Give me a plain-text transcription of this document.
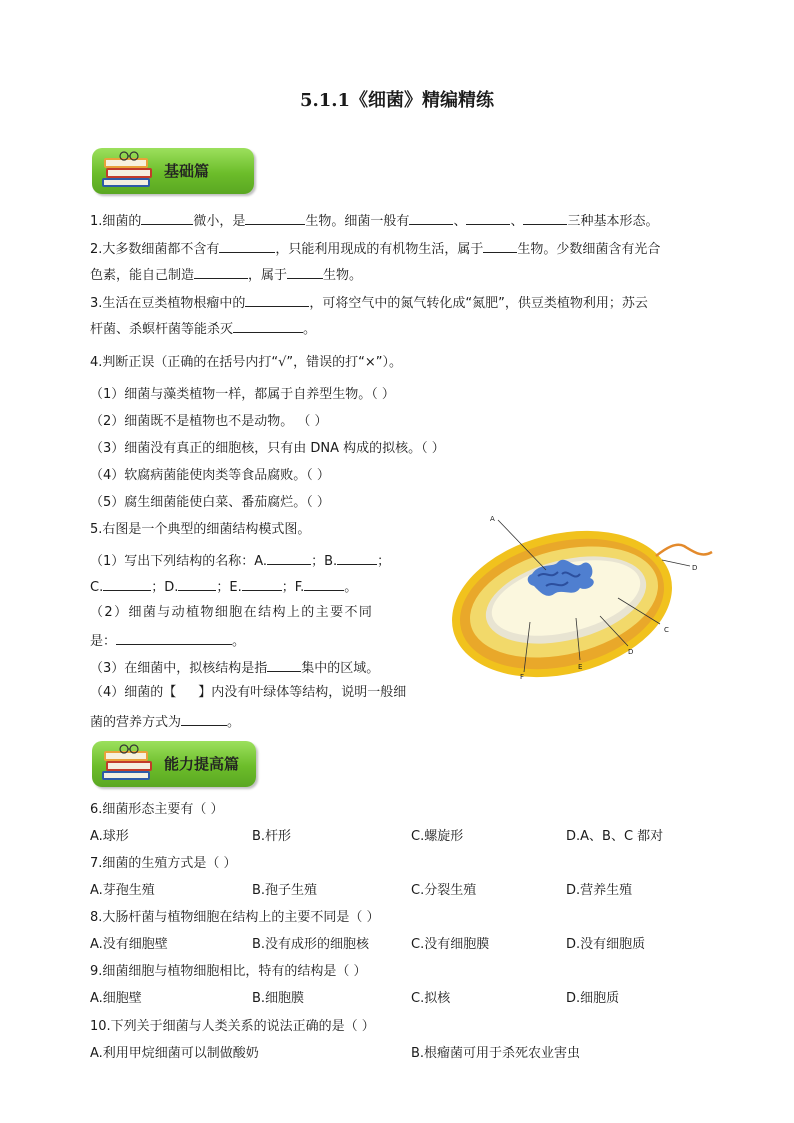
5.1.1《细菌》精编精练
基础篇
1.细菌的	微小，是	生物。细菌一般有	、	、	三种基本形态。
2.大多数细菌都不含有	，只能利用现成的有机物生活，属于	生物。少数细菌含有光合
色素，能自己制造	，属于	生物。
3.生活在豆类植物根瘤中的	，可将空气中的氮气转化成“氮肥”，供豆类植物利用；苏云
杆菌、杀螟杆菌等能杀灭	。
4.判断正误（正确的在括号内打“√”，错误的打“×”）。
（1）细菌与藻类植物一样，都属于自养型生物。（ ）
（2）细菌既不是植物也不是动物。 （ ）
（3）细菌没有真正的细胞核，只有由 DNA 构成的拟核。（ ）
（4）软腐病菌能使肉类等食品腐败。（ ）
（5）腐生细菌能使白菜、番茄腐烂。（ ）
5.右图是一个典型的细菌结构模式图。
（1）写出下列结构的名称：A.	；B.	；
C.	；D.	；E.	；F.	。
（2）细菌与动植物细胞在结构上的主要不同
是：	。
（3）在细菌中，拟核结构是指	集中的区域。
（4）细菌的【 】内没有叶绿体等结构，说明一般细
菌的营养方式为	。
A
D
C
D
E
F
能力提高篇
6.细菌形态主要有（ ）
A.球形	B.杆形	C.螺旋形	D.A、B、C 都对
7.细菌的生殖方式是（ ）
A.芽孢生殖	B.孢子生殖	C.分裂生殖	D.营养生殖
8.大肠杆菌与植物细胞在结构上的主要不同是（ ）
A.没有细胞壁	B.没有成形的细胞核	C.没有细胞膜	D.没有细胞质
9.细菌细胞与植物细胞相比，特有的结构是（ ）
A.细胞壁	B.细胞膜	C.拟核	D.细胞质
10.下列关于细菌与人类关系的说法正确的是（ ）
A.利用甲烷细菌可以制做酸奶	B.根瘤菌可用于杀死农业害虫
